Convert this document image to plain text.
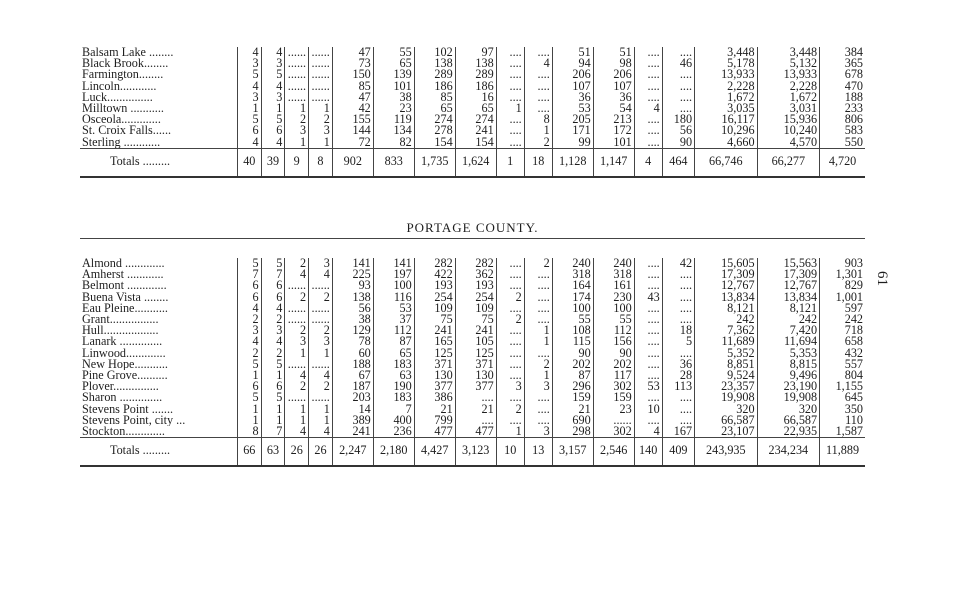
Balsam Lake ........	4	4	......	......	47	55	102	97	....	....	51	51	....	....	3,448	3,448	384
Black Brook........	3	3	......	......	73	65	138	138	....	4	94	98	....	46	5,178	5,132	365
Farmington........	5	5	......	......	150	139	289	289	....	....	206	206	....	....	13,933	13,933	678
Lincoln............	4	4	......	......	85	101	186	186	....	....	107	107	....	....	2,228	2,228	470
Luck...............	3	3	......	......	47	38	85	16	....	....	36	36	....	....	1,672	1,672	188
Milltown ...........	1	1	1	1	42	23	65	65	1	....	53	54	4	....	3,035	3,031	233
Osceola.............	5	5	2	2	155	119	274	274	....	8	205	213	....	180	16,117	15,936	806
St. Croix Falls......	6	6	3	3	144	134	278	241	....	1	171	172	....	56	10,296	10,240	583
Sterling ............	4	4	1	1	72	82	154	154	....	2	99	101	....	90	4,660	4,570	550
Totals .........	40	39	9	8	902	833	1,735	1,624	1	18	1,128	1,147	4	464	66,746	66,277	4,720
PORTAGE COUNTY.
Almond .............	5	5	2	3	141	141	282	282	....	2	240	240	....	42	15,605	15,563	903
Amherst ............	7	7	4	4	225	197	422	362	....	....	318	318	....	....	17,309	17,309	1,301
Belmont .............	6	6	......	......	93	100	193	193	....	....	164	161	....	....	12,767	12,767	829
Buena Vista ........	6	6	2	2	138	116	254	254	2	....	174	230	43	....	13,834	13,834	1,001
Eau Pleine...........	4	4	......	......	56	53	109	109	....	....	100	100	....	....	8,121	8,121	597
Grant................	2	2	......	......	38	37	75	75	2	....	55	55	....	....	242	242	242
Hull..................	3	3	2	2	129	112	241	241	....	1	108	112	....	18	7,362	7,420	718
Lanark ..............	4	4	3	3	78	87	165	105	....	1	115	156	....	5	11,689	11,694	658
Linwood.............	2	2	1	1	60	65	125	125	....	....	90	90	....	....	5,352	5,353	432
New Hope...........	5	5	......	......	188	183	371	371	....	2	202	202	....	36	8,851	8,815	557
Pine Grove..........	1	1	4	4	67	63	130	130	....	1	87	117	....	28	9,524	9,496	804
Plover...............	6	6	2	2	187	190	377	377	3	3	296	302	53	113	23,357	23,190	1,155
Sharon ..............	5	5	......	......	203	183	386	....	....	....	159	159	....	....	19,908	19,908	645
Stevens Point .......	1	1	1	1	14	7	21	21	2	....	21	23	10	....	320	320	350
Stevens Point, city ...	1	1	1	1	389	400	799	....	....	....	690	......	....	....	66,587	66,587	110
Stockton.............	8	7	4	4	241	236	477	477	1	3	298	302	4	167	23,107	22,935	1,587
Totals .........	66	63	26	26	2,247	2,180	4,427	3,123	10	13	3,157	2,546	140	409	243,935	234,234	11,889
61
